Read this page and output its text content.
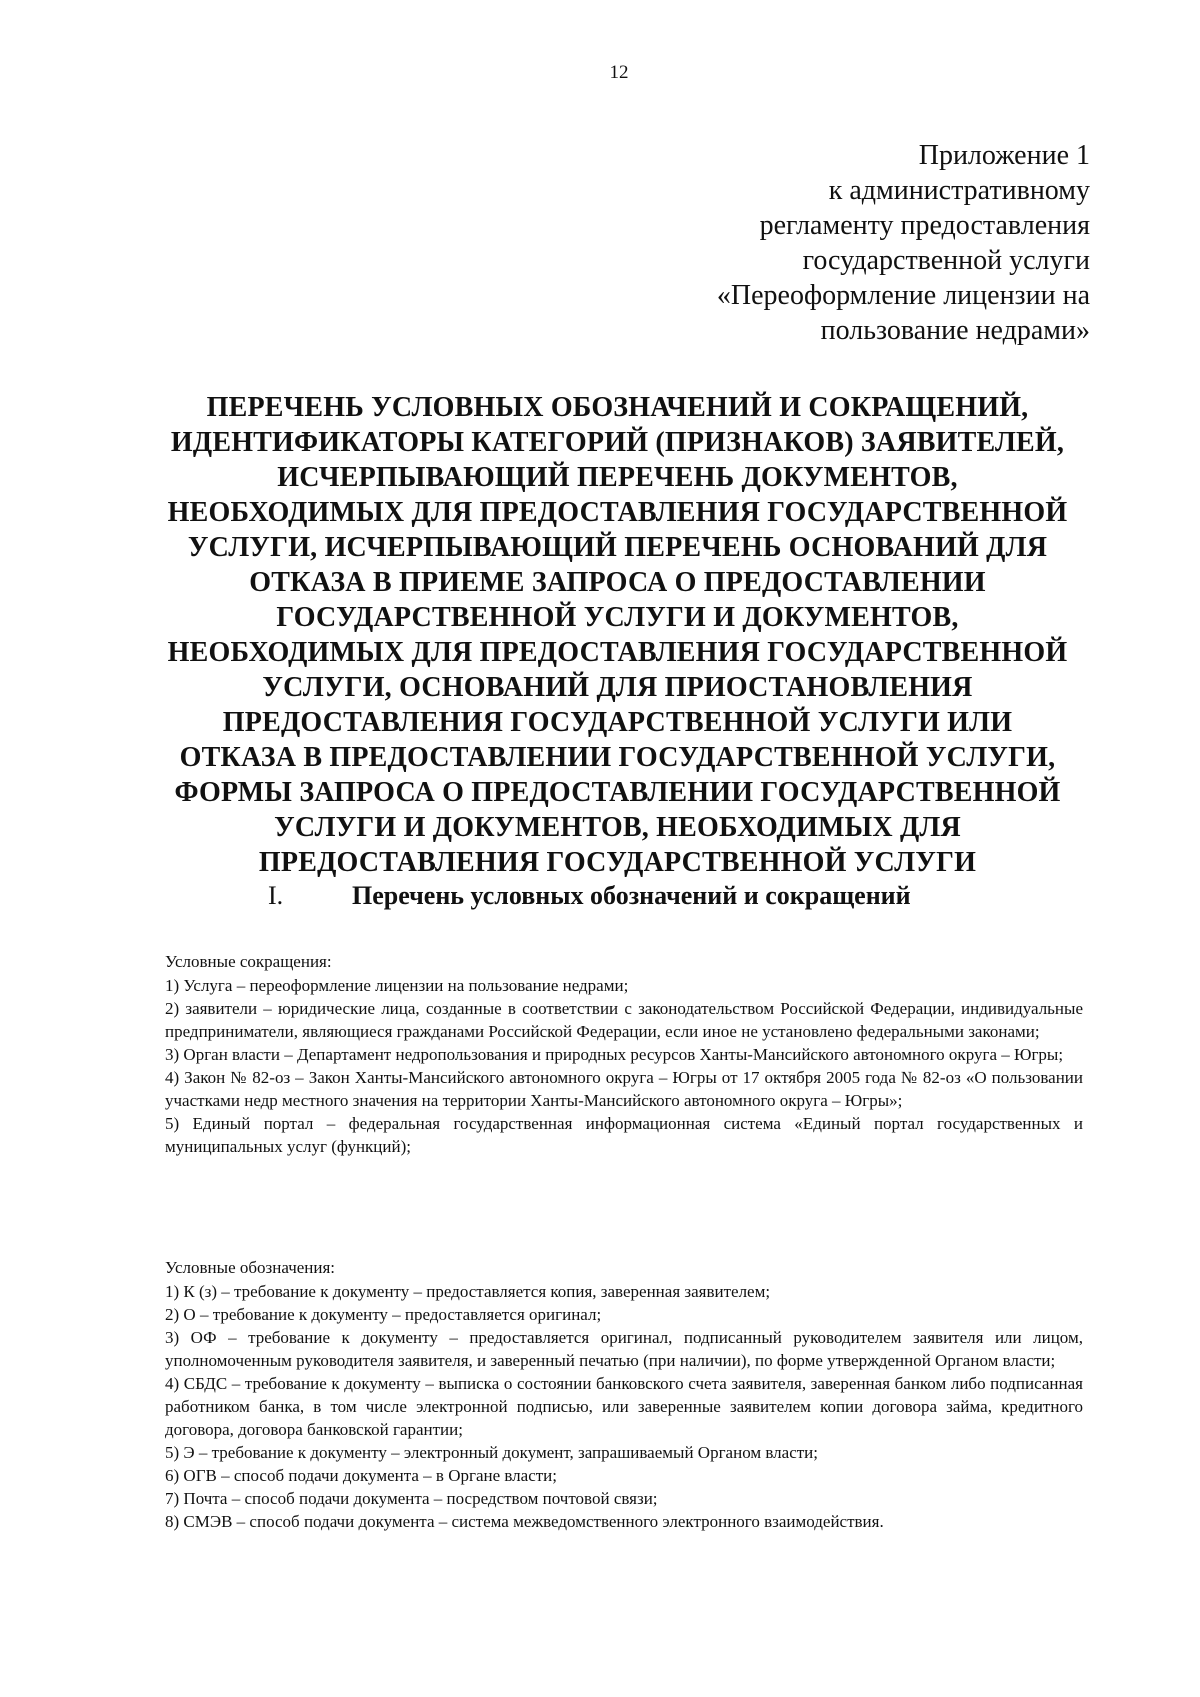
12
Приложение 1
к административному
регламенту предоставления
государственной услуги
«Переоформление лицензии на
пользование недрами»
ПЕРЕЧЕНЬ УСЛОВНЫХ ОБОЗНАЧЕНИЙ И СОКРАЩЕНИЙ,
ИДЕНТИФИКАТОРЫ КАТЕГОРИЙ (ПРИЗНАКОВ) ЗАЯВИТЕЛЕЙ,
ИСЧЕРПЫВАЮЩИЙ ПЕРЕЧЕНЬ ДОКУМЕНТОВ,
НЕОБХОДИМЫХ ДЛЯ ПРЕДОСТАВЛЕНИЯ ГОСУДАРСТВЕННОЙ
УСЛУГИ, ИСЧЕРПЫВАЮЩИЙ ПЕРЕЧЕНЬ ОСНОВАНИЙ ДЛЯ
ОТКАЗА В ПРИЕМЕ ЗАПРОСА О ПРЕДОСТАВЛЕНИИ
ГОСУДАРСТВЕННОЙ УСЛУГИ И ДОКУМЕНТОВ,
НЕОБХОДИМЫХ ДЛЯ ПРЕДОСТАВЛЕНИЯ ГОСУДАРСТВЕННОЙ
УСЛУГИ, ОСНОВАНИЙ ДЛЯ ПРИОСТАНОВЛЕНИЯ
ПРЕДОСТАВЛЕНИЯ ГОСУДАРСТВЕННОЙ УСЛУГИ ИЛИ
ОТКАЗА В ПРЕДОСТАВЛЕНИИ ГОСУДАРСТВЕННОЙ УСЛУГИ,
ФОРМЫ ЗАПРОСА О ПРЕДОСТАВЛЕНИИ ГОСУДАРСТВЕННОЙ
УСЛУГИ И ДОКУМЕНТОВ, НЕОБХОДИМЫХ ДЛЯ
ПРЕДОСТАВЛЕНИЯ ГОСУДАРСТВЕННОЙ УСЛУГИ
I.	Перечень условных обозначений и сокращений

Условные сокращения:

1) Услуга – переоформление лицензии на пользование недрами;

2) заявители – юридические лица, созданные в соответствии с законодательством Российской Федерации, индивидуальные предприниматели, являющиеся гражданами Российской Федерации, если иное не установлено федеральными законами;

3) Орган власти – Департамент недропользования и природных ресурсов Ханты-Мансийского автономного округа – Югры;

4) Закон № 82-оз – Закон Ханты-Мансийского автономного округа – Югры от 17 октября 2005 года № 82-оз «О пользовании участками недр местного значения на территории Ханты-Мансийского автономного округа – Югры»;

5) Единый портал – федеральная государственная информационная система «Единый портал государственных и муниципальных услуг (функций);

Условные обозначения:

1) К (з) – требование к документу – предоставляется копия, заверенная заявителем;

2) О – требование к документу – предоставляется оригинал;

3) ОФ – требование к документу – предоставляется оригинал, подписанный руководителем заявителя или лицом, уполномоченным руководителя заявителя, и заверенный печатью (при наличии), по форме утвержденной Органом власти;

4) СБДС – требование к документу – выписка о состоянии банковского счета заявителя, заверенная банком либо подписанная работником банка, в том числе электронной подписью, или заверенные заявителем копии договора займа, кредитного договора, договора банковской гарантии;

5) Э – требование к документу – электронный документ, запрашиваемый Органом власти;

6) ОГВ – способ подачи документа – в Органе власти;

7) Почта – способ подачи документа – посредством почтовой связи;

8) СМЭВ – способ подачи документа – система межведомственного электронного взаимодействия.
